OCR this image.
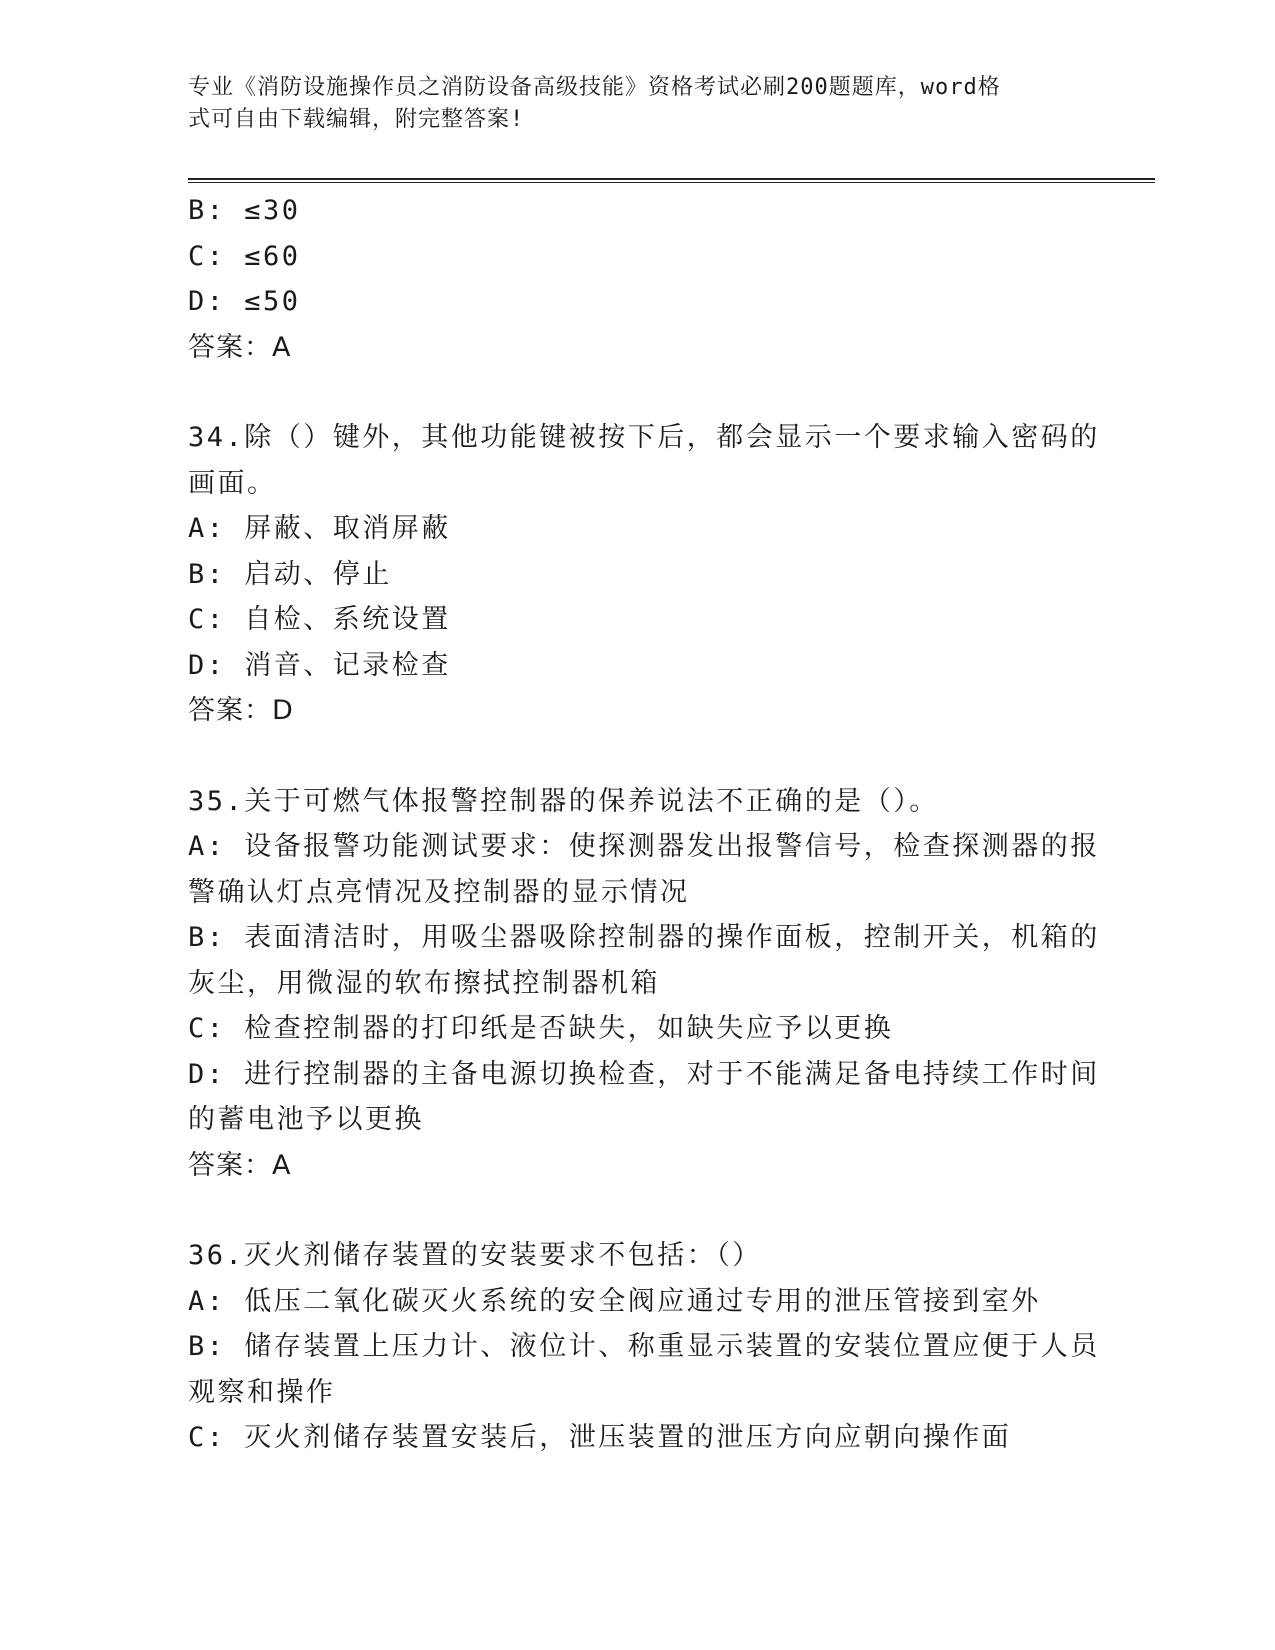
专业《消防设施操作员之消防设备高级技能》资格考试必刷200题题库，word格
式可自由下载编辑，附完整答案!
B: ≤30
C: ≤60
D: ≤50
答案：A
34.除（）键外，其他功能键被按下后，都会显示一个要求输入密码的
画面。
A: 屏蔽、取消屏蔽
B: 启动、停止
C: 自检、系统设置
D: 消音、记录检查
答案：D
35.关于可燃气体报警控制器的保养说法不正确的是（）。
A: 设备报警功能测试要求：使探测器发出报警信号，检查探测器的报
警确认灯点亮情况及控制器的显示情况
B: 表面清洁时，用吸尘器吸除控制器的操作面板，控制开关，机箱的
灰尘，用微湿的软布擦拭控制器机箱
C: 检查控制器的打印纸是否缺失，如缺失应予以更换
D: 进行控制器的主备电源切换检查，对于不能满足备电持续工作时间
的蓄电池予以更换
答案：A
36.灭火剂储存装置的安装要求不包括：（）
A: 低压二氧化碳灭火系统的安全阀应通过专用的泄压管接到室外
B: 储存装置上压力计、液位计、称重显示装置的安装位置应便于人员
观察和操作
C: 灭火剂储存装置安装后，泄压装置的泄压方向应朝向操作面
